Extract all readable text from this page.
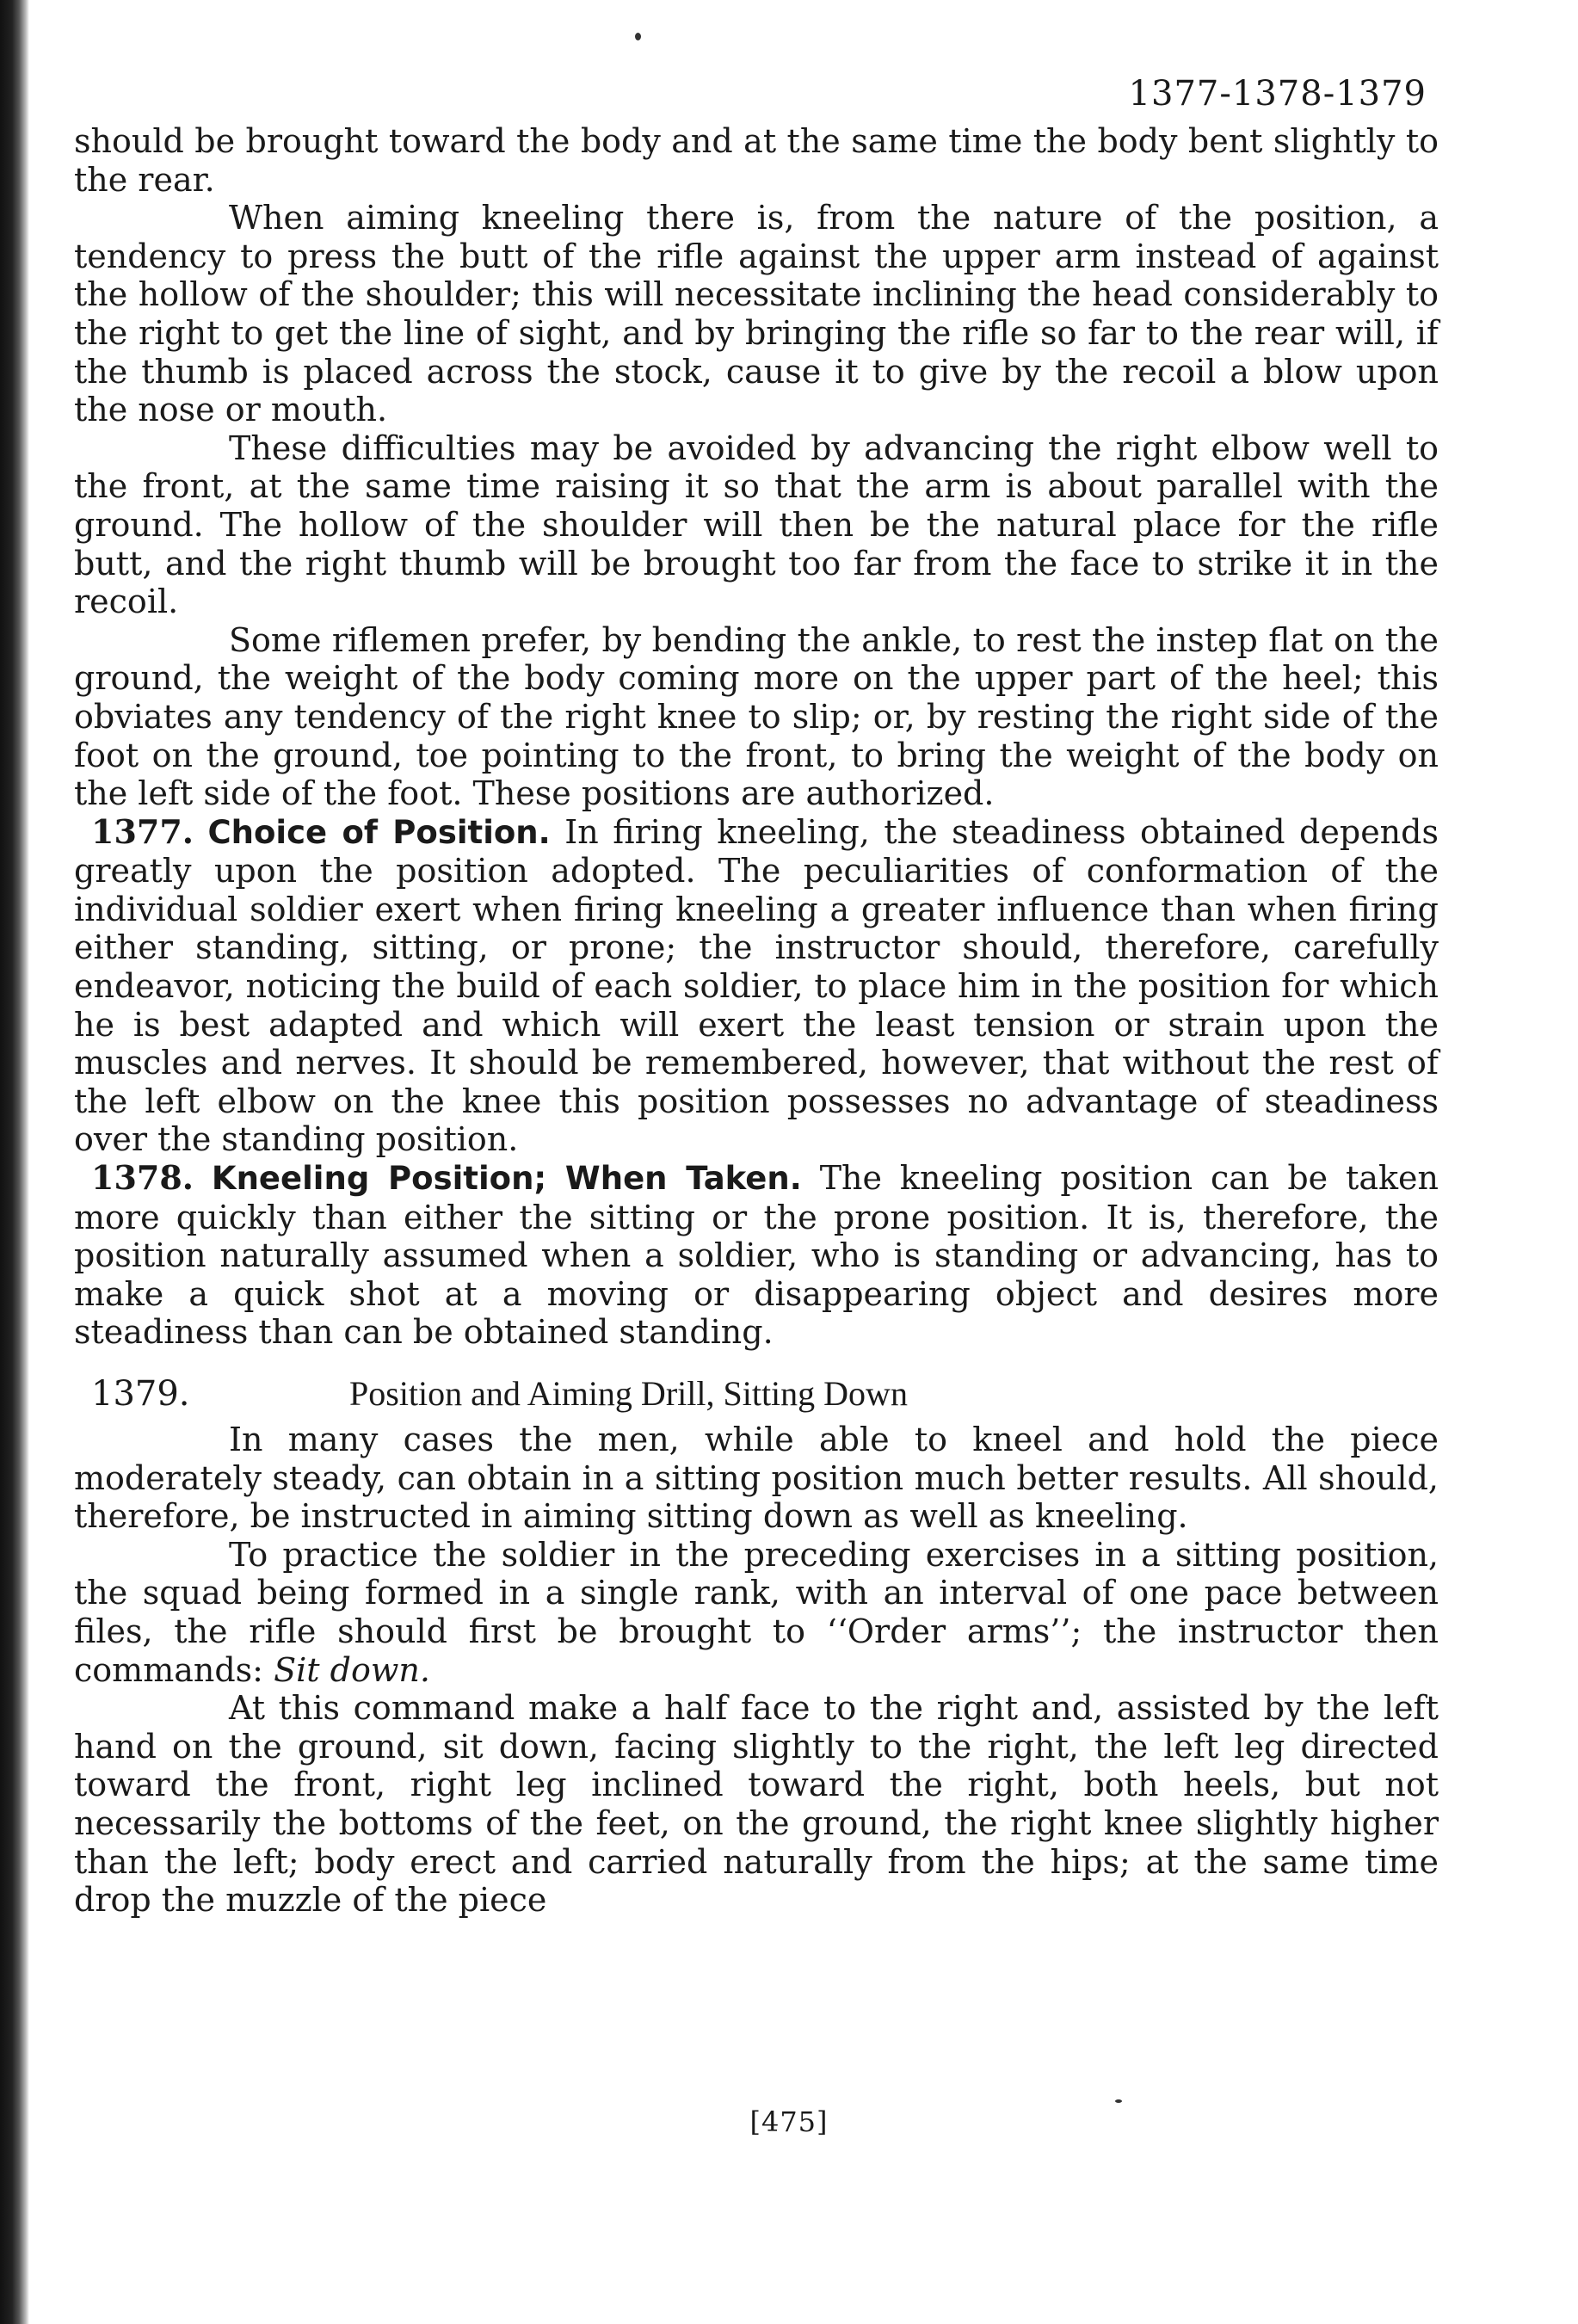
1377-1378-1379

should be brought toward the body and at the same time the body bent slightly to the rear.

When aiming kneeling there is, from the nature of the position, a tendency to press the butt of the rifle against the upper arm instead of against the hollow of the shoulder; this will necessitate inclining the head considerably to the right to get the line of sight, and by bringing the rifle so far to the rear will, if the thumb is placed across the stock, cause it to give by the recoil a blow upon the nose or mouth.

These difficulties may be avoided by advancing the right elbow well to the front, at the same time raising it so that the arm is about parallel with the ground. The hollow of the shoulder will then be the natural place for the rifle butt, and the right thumb will be brought too far from the face to strike it in the recoil.

Some riflemen prefer, by bending the ankle, to rest the instep flat on the ground, the weight of the body coming more on the upper part of the heel; this obviates any tendency of the right knee to slip; or, by resting the right side of the foot on the ground, toe pointing to the front, to bring the weight of the body on the left side of the foot. These positions are authorized.

1377. Choice of Position. In firing kneeling, the steadiness obtained depends greatly upon the position adopted. The peculiarities of conformation of the individual soldier exert when firing kneeling a greater influence than when firing either standing, sitting, or prone; the instructor should, therefore, carefully endeavor, noticing the build of each soldier, to place him in the position for which he is best adapted and which will exert the least tension or strain upon the muscles and nerves. It should be remembered, however, that without the rest of the left elbow on the knee this position possesses no advantage of steadiness over the standing position.

1378. Kneeling Position; When Taken. The kneeling position can be taken more quickly than either the sitting or the prone position. It is, therefore, the position naturally assumed when a soldier, who is standing or advancing, has to make a quick shot at a moving or disappearing object and desires more steadiness than can be obtained standing.

1379.	Position and Aiming Drill, Sitting Down

In many cases the men, while able to kneel and hold the piece moderately steady, can obtain in a sitting position much better results. All should, therefore, be instructed in aiming sitting down as well as kneeling.

To practice the soldier in the preceding exercises in a sitting position, the squad being formed in a single rank, with an interval of one pace between files, the rifle should first be brought to ‘‘Order arms’’; the instructor then commands: Sit down.

At this command make a half face to the right and, assisted by the left hand on the ground, sit down, facing slightly to the right, the left leg directed toward the front, right leg inclined toward the right, both heels, but not necessarily the bottoms of the feet, on the ground, the right knee slightly higher than the left; body erect and carried naturally from the hips; at the same time drop the muzzle of the piece

[475]
